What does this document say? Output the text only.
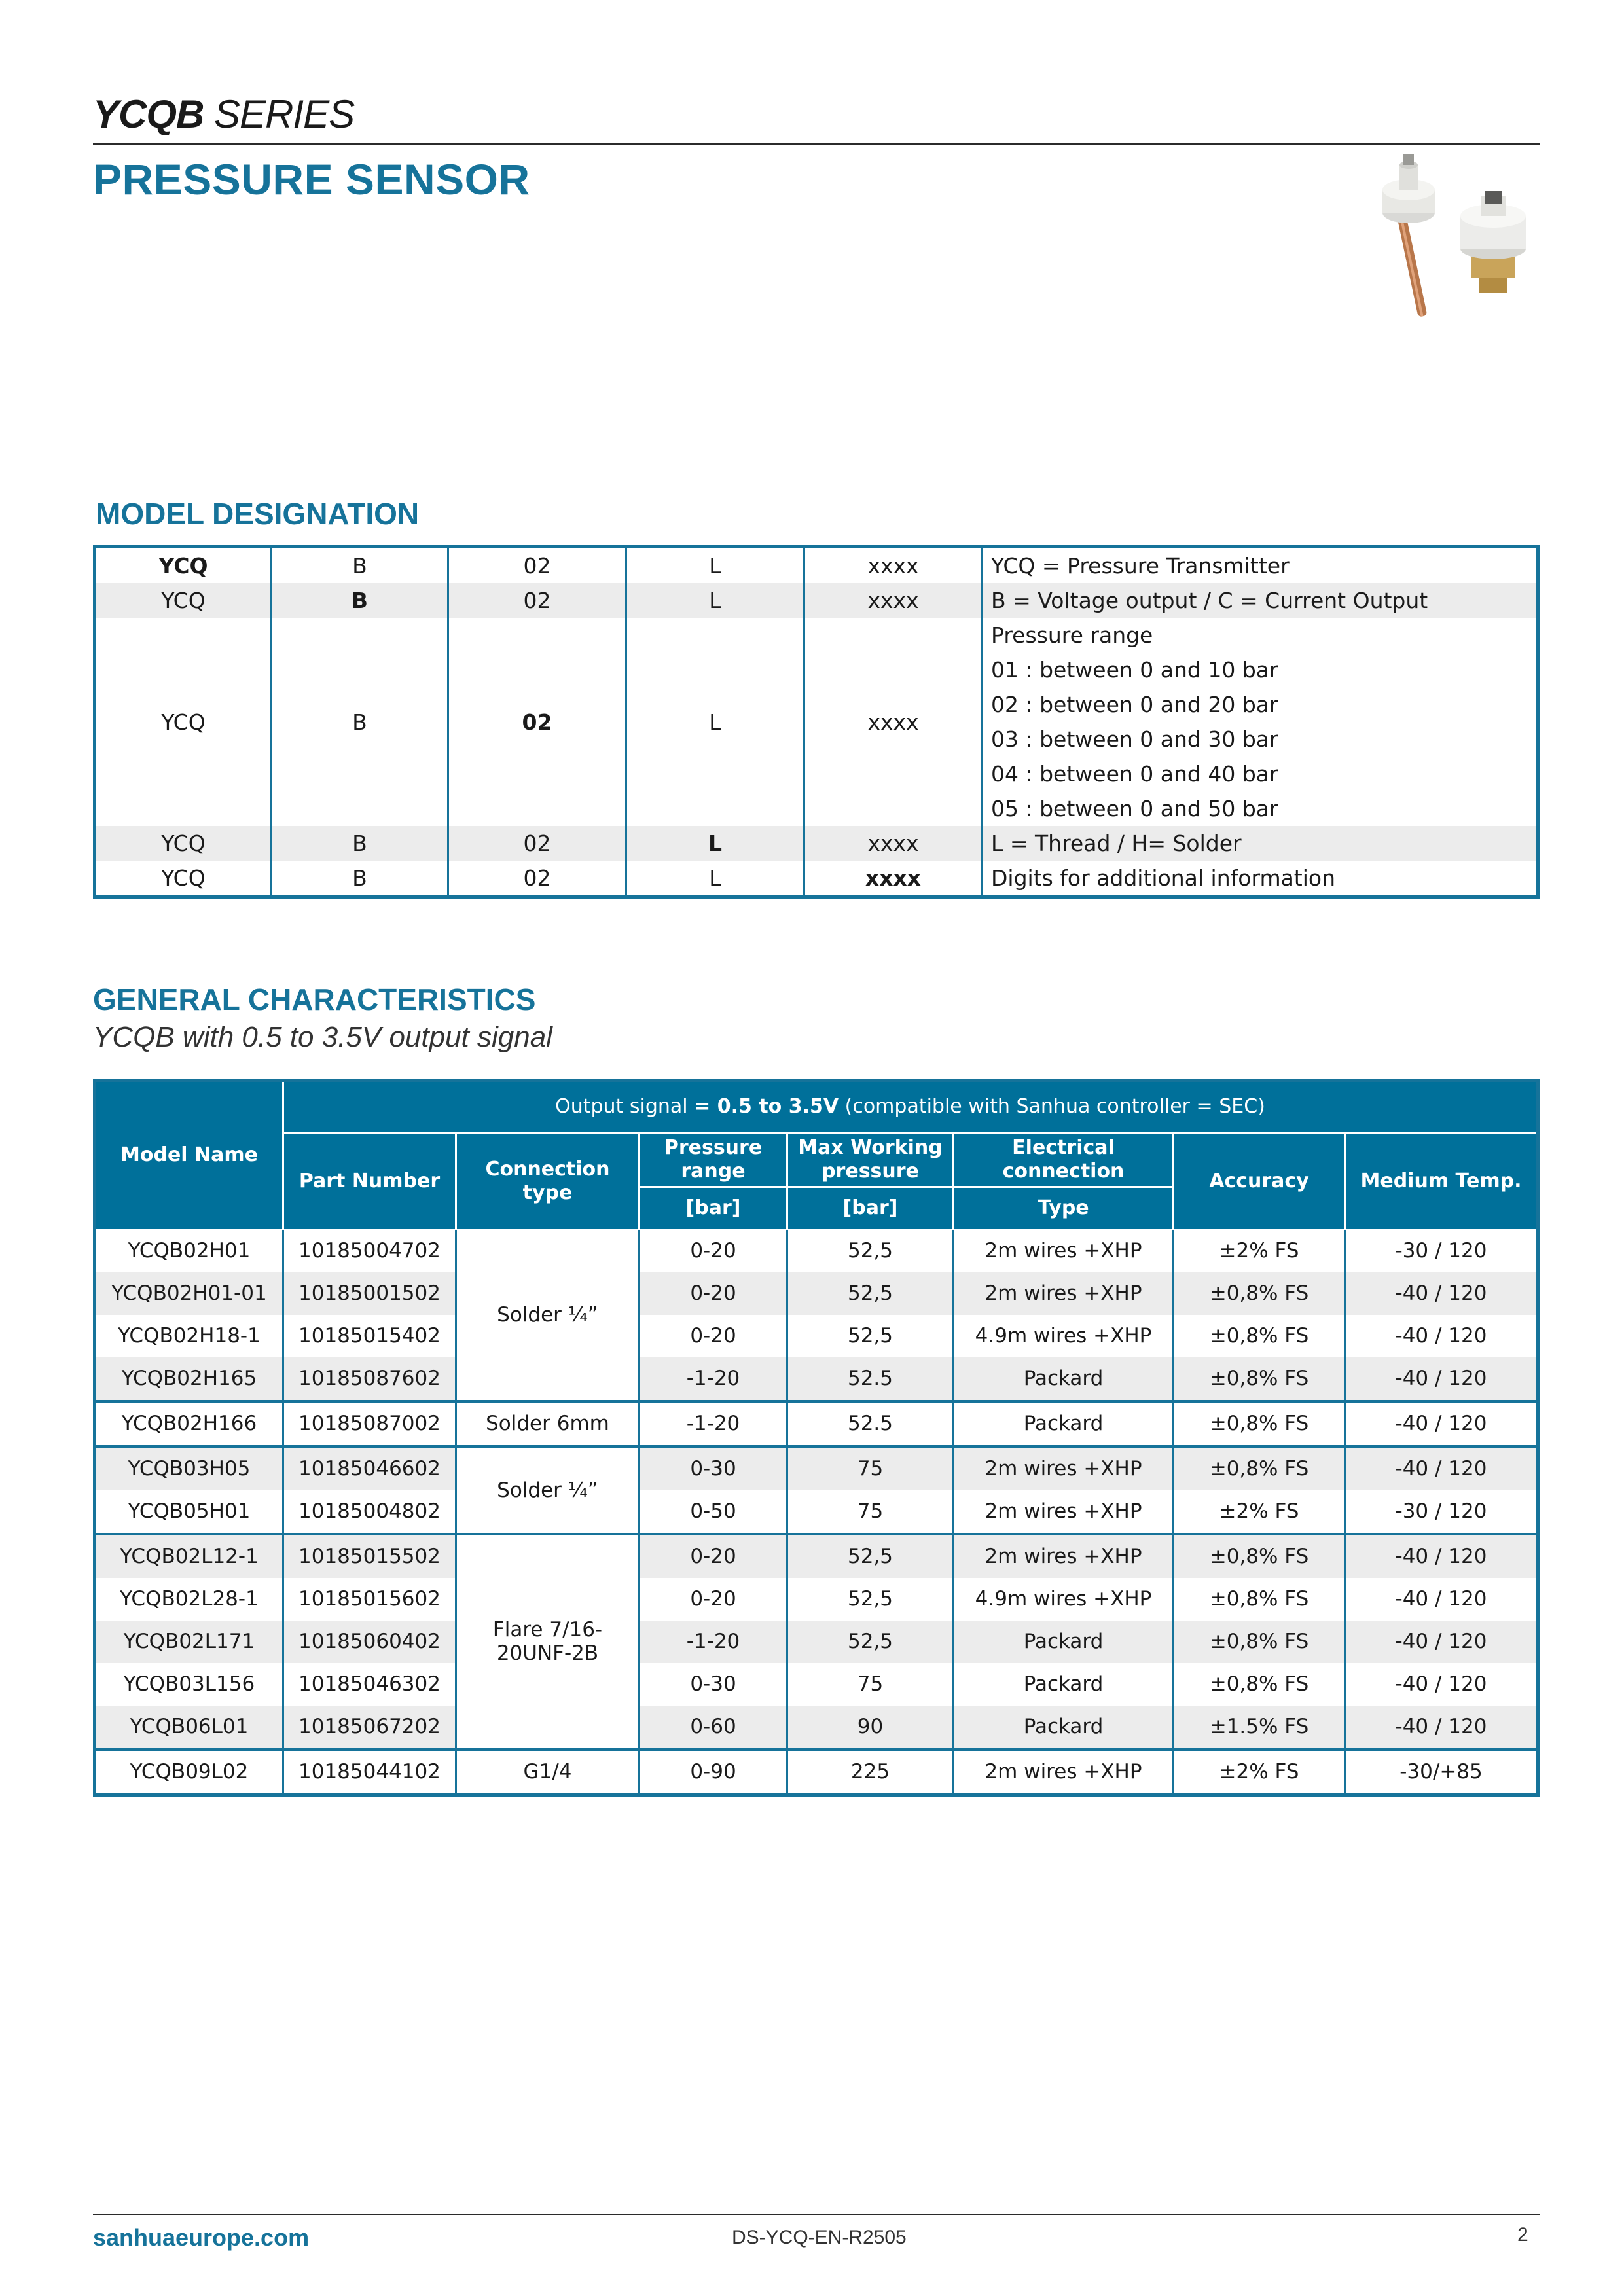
YCQB SERIES
PRESSURE SENSOR
MODEL DESIGNATION
YCQ	B	02	L	xxxx	YCQ = Pressure Transmitter
YCQ	B	02	L	xxxx	B = Voltage output / C = Current Output
YCQ	B	02	L	xxxx	Pressure range
					01 : between 0 and 10 bar
					02 : between 0 and 20 bar
					03 : between 0 and 30 bar
					04 : between 0 and 40 bar
					05 : between 0 and 50 bar
YCQ	B	02	L	xxxx	L = Thread / H= Solder
YCQ	B	02	L	xxxx	Digits for additional information
GENERAL CHARACTERISTICS
YCQB with 0.5 to 3.5V output signal
Model Name	Output signal = 0.5 to 3.5V (compatible with Sanhua controller = SEC)						
	Part Number	Connection type	Pressure range	Max Working pressure	Electrical connection	Accuracy	Medium Temp.
			[bar]	[bar]	Type		

YCQB02H01	10185004702	Solder ¼”	0-20	52,5	2m wires +XHP	±2% FS	-30 / 120
YCQB02H01-01	10185001502		0-20	52,5	2m wires +XHP	±0,8% FS	-40 / 120
YCQB02H18-1	10185015402		0-20	52,5	4.9m wires +XHP	±0,8% FS	-40 / 120
YCQB02H165	10185087602		-1-20	52.5	Packard	±0,8% FS	-40 / 120
YCQB02H166	10185087002	Solder 6mm	-1-20	52.5	Packard	±0,8% FS	-40 / 120
YCQB03H05	10185046602	Solder ¼”	0-30	75	2m wires +XHP	±0,8% FS	-40 / 120
YCQB05H01	10185004802		0-50	75	2m wires +XHP	±2% FS	-30 / 120
YCQB02L12-1	10185015502	Flare 7/16-20UNF-2B	0-20	52,5	2m wires +XHP	±0,8% FS	-40 / 120
YCQB02L28-1	10185015602		0-20	52,5	4.9m wires +XHP	±0,8% FS	-40 / 120
YCQB02L171	10185060402		-1-20	52,5	Packard	±0,8% FS	-40 / 120
YCQB03L156	10185046302		0-30	75	Packard	±0,8% FS	-40 / 120
YCQB06L01	10185067202		0-60	90	Packard	±1.5% FS	-40 / 120
YCQB09L02	10185044102	G1/4	0-90	225	2m wires +XHP	±2% FS	-30/+85
sanhuaeurope.com	DS-YCQ-EN-R2505	2
